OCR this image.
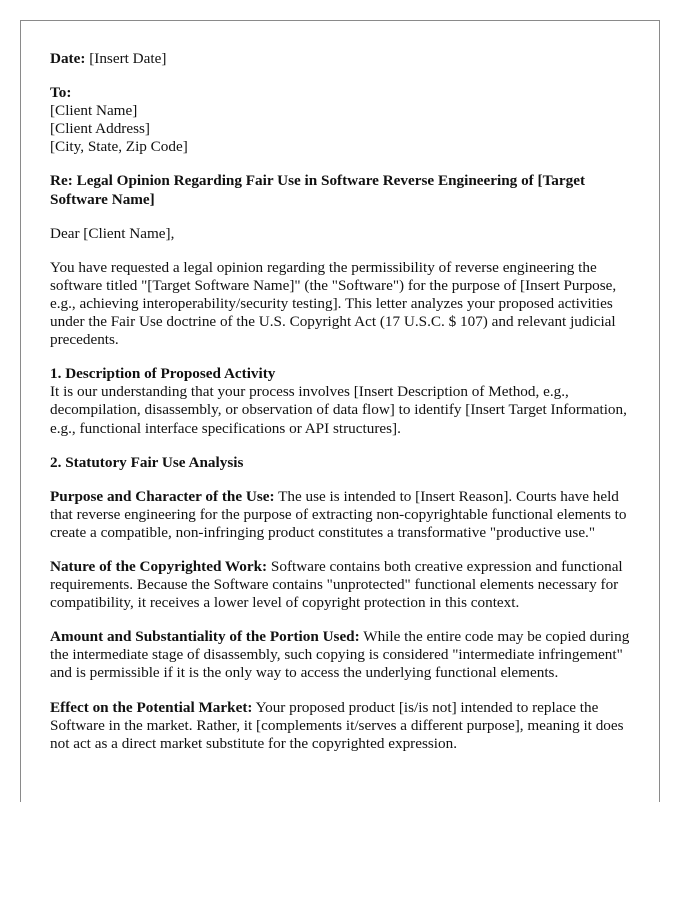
Date: [Insert Date]

To:
[Client Name]
[Client Address]
[City, State, Zip Code]

Re: Legal Opinion Regarding Fair Use in Software Reverse Engineering of [Target Software Name]

Dear [Client Name],

You have requested a legal opinion regarding the permissibility of reverse engineering the software titled "[Target Software Name]" (the "Software") for the purpose of [Insert Purpose, e.g., achieving interoperability/security testing]. This letter analyzes your proposed activities under the Fair Use doctrine of the U.S. Copyright Act (17 U.S.C. $ 107) and relevant judicial precedents.

1. Description of Proposed Activity
It is our understanding that your process involves [Insert Description of Method, e.g., decompilation, disassembly, or observation of data flow] to identify [Insert Target Information, e.g., functional interface specifications or API structures].

2. Statutory Fair Use Analysis

Purpose and Character of the Use: The use is intended to [Insert Reason]. Courts have held that reverse engineering for the purpose of extracting non-copyrightable functional elements to create a compatible, non-infringing product constitutes a transformative "productive use."

Nature of the Copyrighted Work: Software contains both creative expression and functional requirements. Because the Software contains "unprotected" functional elements necessary for compatibility, it receives a lower level of copyright protection in this context.

Amount and Substantiality of the Portion Used: While the entire code may be copied during the intermediate stage of disassembly, such copying is considered "intermediate infringement" and is permissible if it is the only way to access the underlying functional elements.

Effect on the Potential Market: Your proposed product [is/is not] intended to replace the Software in the market. Rather, it [complements it/serves a different purpose], meaning it does not act as a direct market substitute for the copyrighted expression.
